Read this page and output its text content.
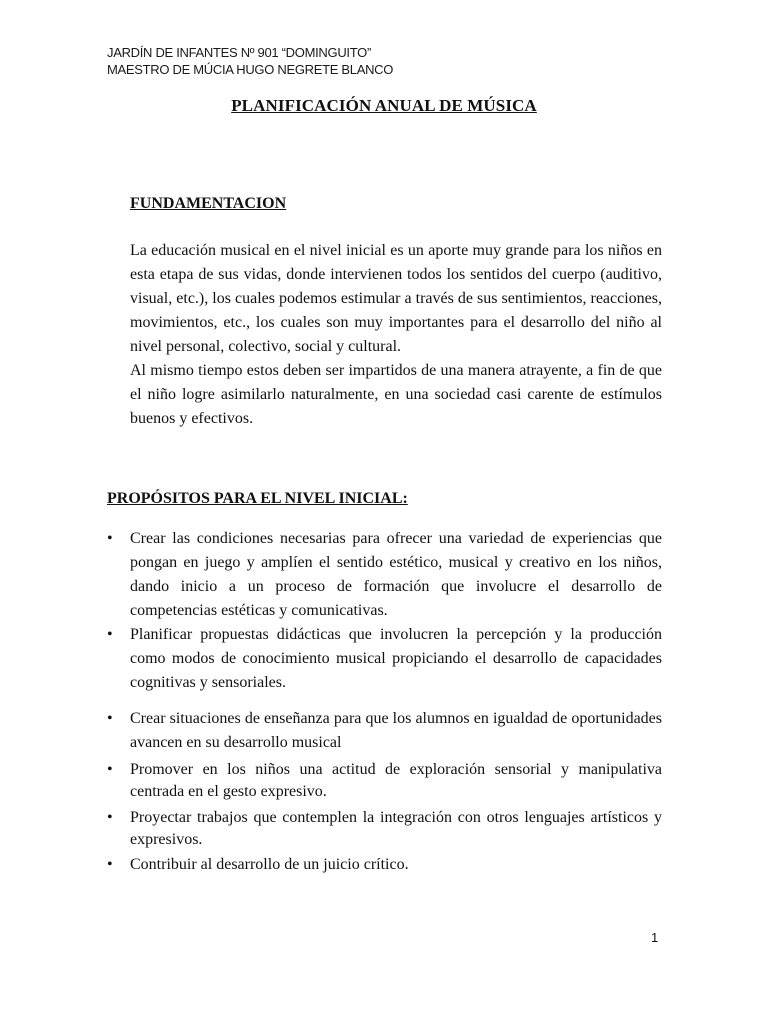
JARDÍN DE INFANTES Nº 901 “DOMINGUITO”
MAESTRO DE MÚCIA HUGO NEGRETE BLANCO
PLANIFICACIÓN ANUAL DE MÚSICA
FUNDAMENTACION

La educación musical en el nivel inicial es un aporte muy grande para los niños en esta etapa de sus vidas, donde intervienen todos los sentidos del cuerpo (auditivo, visual, etc.), los cuales podemos estimular a través de sus sentimientos, reacciones, movimientos, etc., los cuales son muy importantes para el desarrollo del niño al nivel personal, colectivo, social y cultural.

Al mismo tiempo estos deben ser impartidos de una manera atrayente, a fin de que el niño logre asimilarlo naturalmente, en una sociedad casi carente de estímulos buenos y efectivos.

PROPÓSITOS PARA EL NIVEL INICIAL:
•	Crear las condiciones necesarias para ofrecer una variedad de experiencias que pongan en juego y amplíen el sentido estético, musical y creativo en los niños, dando inicio a un proceso de formación que involucre el desarrollo de competencias estéticas y comunicativas.
•	Planificar propuestas didácticas que involucren la percepción y la producción como modos de conocimiento musical propiciando el desarrollo de capacidades cognitivas y sensoriales.
•	Crear situaciones de enseñanza para que los alumnos en igualdad de oportunidades avancen en su desarrollo musical
•	Promover en los niños una actitud de exploración sensorial y manipulativa centrada en el gesto expresivo.
•	Proyectar trabajos que contemplen la integración con otros lenguajes artísticos y expresivos.
•	Contribuir al desarrollo de un juicio crítico.
1
